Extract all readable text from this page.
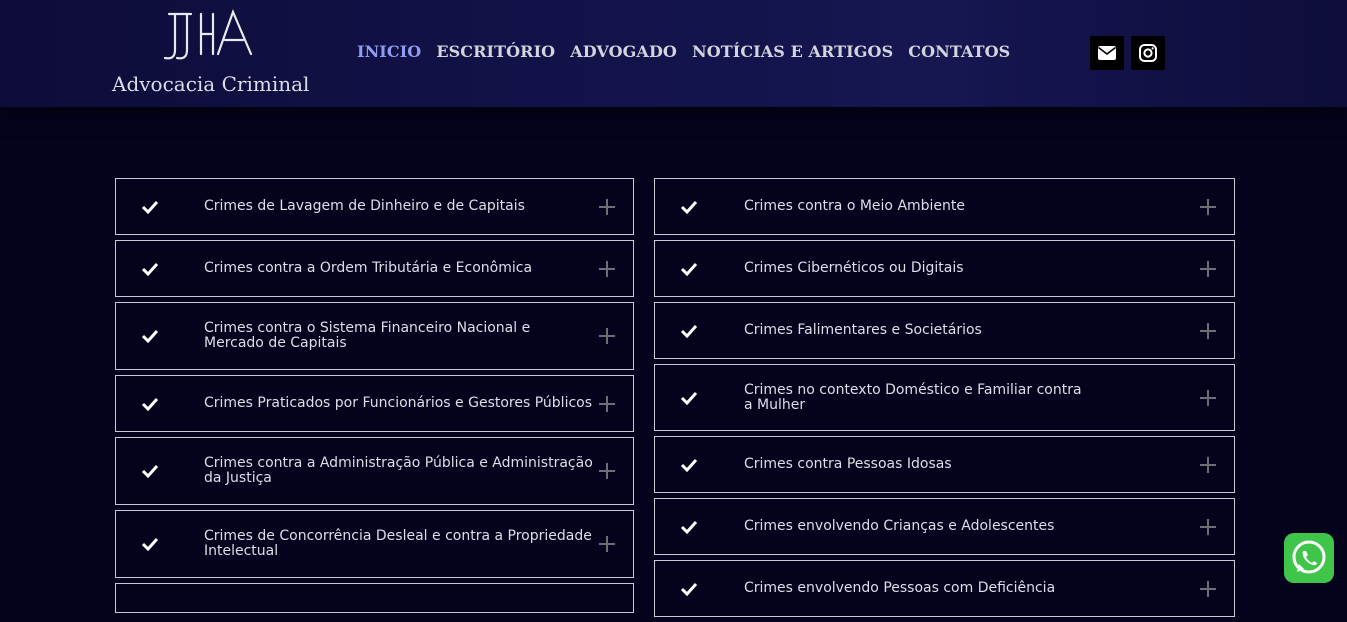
Advocacia Criminal
INICIO ESCRITÓRIO ADVOGADO NOTÍCIAS E ARTIGOS CONTATOS
Crimes de Lavagem de Dinheiro e de Capitais
Crimes contra a Ordem Tributária e Econômica
Crimes contra o Sistema Financeiro Nacional e Mercado de Capitais
Crimes Praticados por Funcionários e Gestores Públicos
Crimes contra a Administração Pública e Administração da Justiça
Crimes de Concorrência Desleal e contra a Propriedade Intelectual
Crimes contra o Meio Ambiente
Crimes Cibernéticos ou Digitais
Crimes Falimentares e Societários
Crimes no contexto Doméstico e Familiar contra a Mulher
Crimes contra Pessoas Idosas
Crimes envolvendo Crianças e Adolescentes
Crimes envolvendo Pessoas com Deficiência
